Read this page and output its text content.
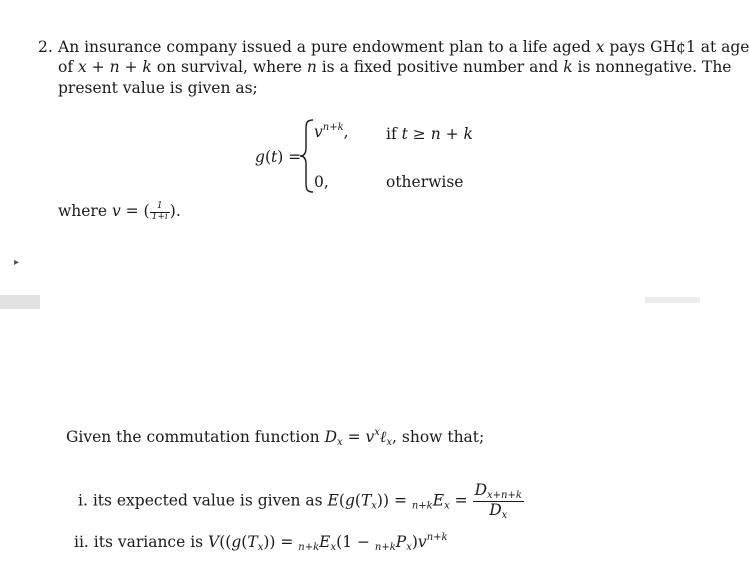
2. An insurance company issued a pure endowment plan to a life aged x pays GH¢1 at age
of x + n + k on survival, where n is a fixed positive number and k is nonnegative. The
present value is given as;
g(t) =
$v^{n+k}$, if t ≥ n + k
0,	otherwise
where v = ( $\frac{1}{1+i}$ ).
▸
Given the commutation function $D_x$ = $v^x\ell_x$, show that;
i. its expected value is given as $E(g(T_x)) = _{n+k}E_x = \frac{D_{x+n+k}}{D_x}$
ii. its variance is $V((g(T_x)) = _{n+k}E_x(1 - _{n+k}P_x)v^{n+k}$
